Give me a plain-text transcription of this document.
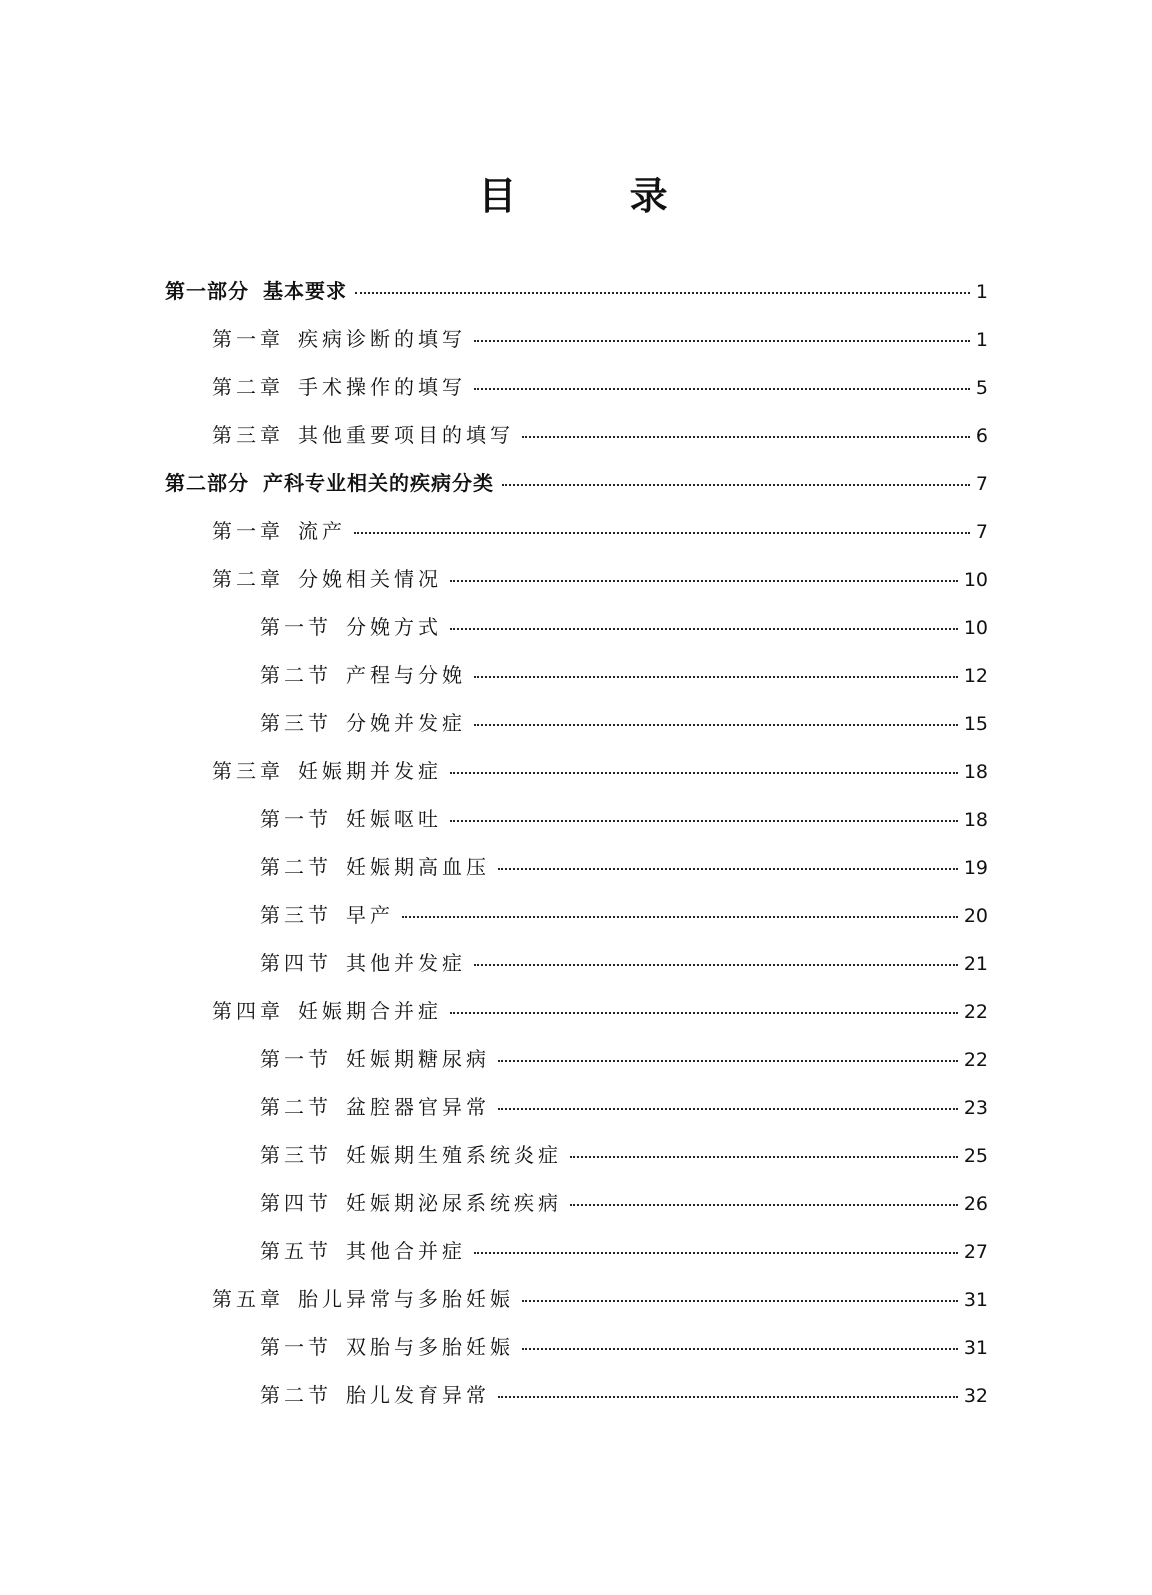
目 录
第一部分 基本要求	1
第一章 疾病诊断的填写	1
第二章 手术操作的填写	5
第三章 其他重要项目的填写	6
第二部分 产科专业相关的疾病分类	7
第一章 流产	7
第二章 分娩相关情况	10
第一节 分娩方式	10
第二节 产程与分娩	12
第三节 分娩并发症	15
第三章 妊娠期并发症	18
第一节 妊娠呕吐	18
第二节 妊娠期高血压	19
第三节 早产	20
第四节 其他并发症	21
第四章 妊娠期合并症	22
第一节 妊娠期糖尿病	22
第二节 盆腔器官异常	23
第三节 妊娠期生殖系统炎症	25
第四节 妊娠期泌尿系统疾病	26
第五节 其他合并症	27
第五章 胎儿异常与多胎妊娠	31
第一节 双胎与多胎妊娠	31
第二节 胎儿发育异常	32
